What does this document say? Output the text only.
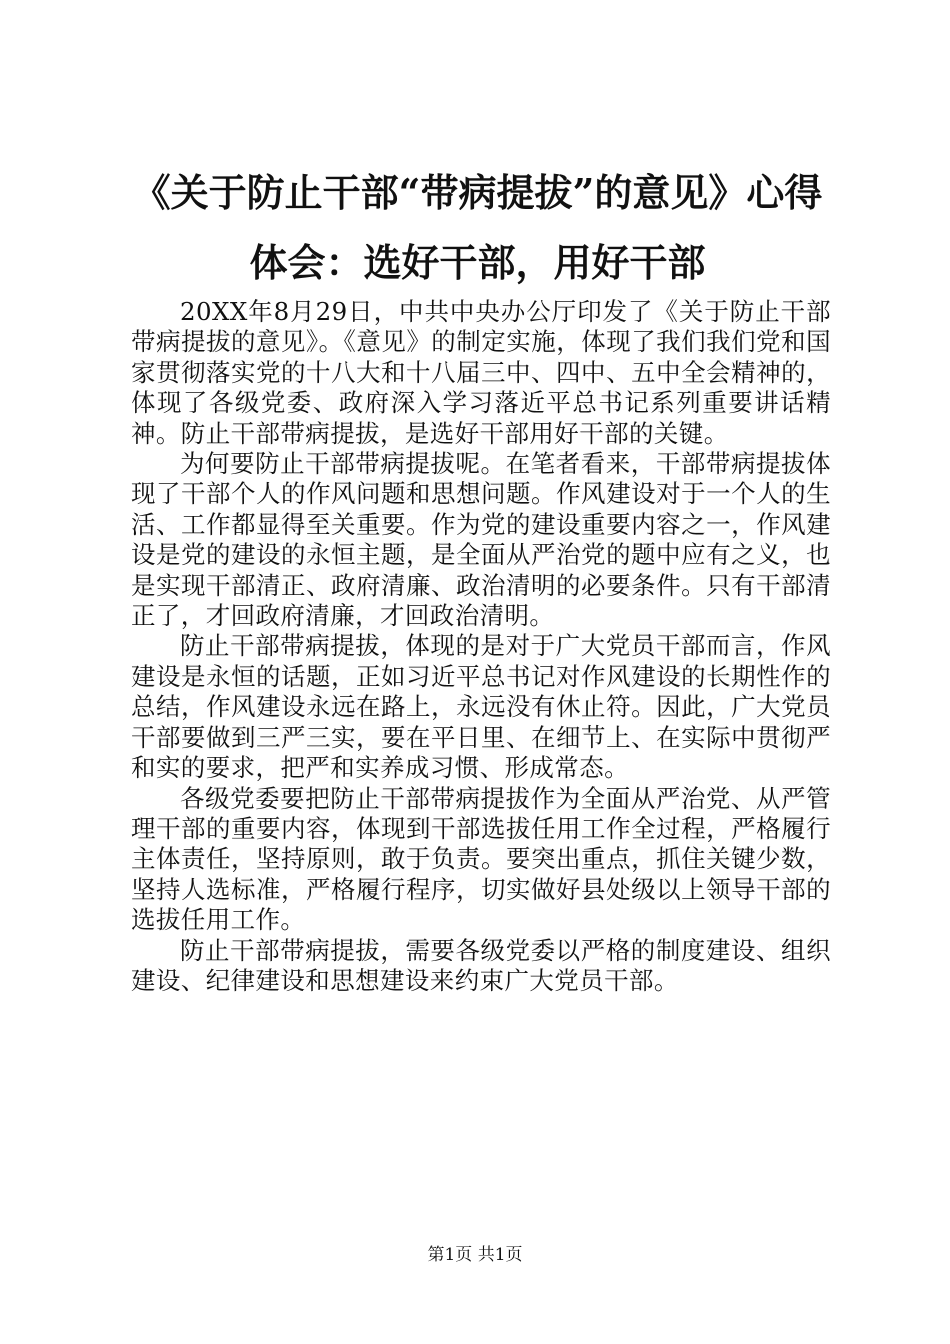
《关于防止干部“带病提拔”的意见》心得体会：选好干部，用好干部

20XX年8月29日，中共中央办公厅印发了《关于防止干部带病提拔的意见》。《意见》的制定实施，体现了我们我们党和国家贯彻落实党的十八大和十八届三中、四中、五中全会精神的，体现了各级党委、政府深入学习落近平总书记系列重要讲话精神。防止干部带病提拔，是选好干部用好干部的关键。

为何要防止干部带病提拔呢。在笔者看来，干部带病提拔体现了干部个人的作风问题和思想问题。作风建设对于一个人的生活、工作都显得至关重要。作为党的建设重要内容之一，作风建设是党的建设的永恒主题，是全面从严治党的题中应有之义，也是实现干部清正、政府清廉、政治清明的必要条件。只有干部清正了，才回政府清廉，才回政治清明。

防止干部带病提拔，体现的是对于广大党员干部而言，作风建设是永恒的话题，正如习近平总书记对作风建设的长期性作的总结，作风建设永远在路上，永远没有休止符。因此，广大党员干部要做到三严三实，要在平日里、在细节上、在实际中贯彻严和实的要求，把严和实养成习惯、形成常态。

各级党委要把防止干部带病提拔作为全面从严治党、从严管理干部的重要内容，体现到干部选拔任用工作全过程，严格履行主体责任，坚持原则，敢于负责。要突出重点，抓住关键少数，坚持人选标准，严格履行程序，切实做好县处级以上领导干部的选拔任用工作。

防止干部带病提拔，需要各级党委以严格的制度建设、组织建设、纪律建设和思想建设来约束广大党员干部。

第1页 共1页
